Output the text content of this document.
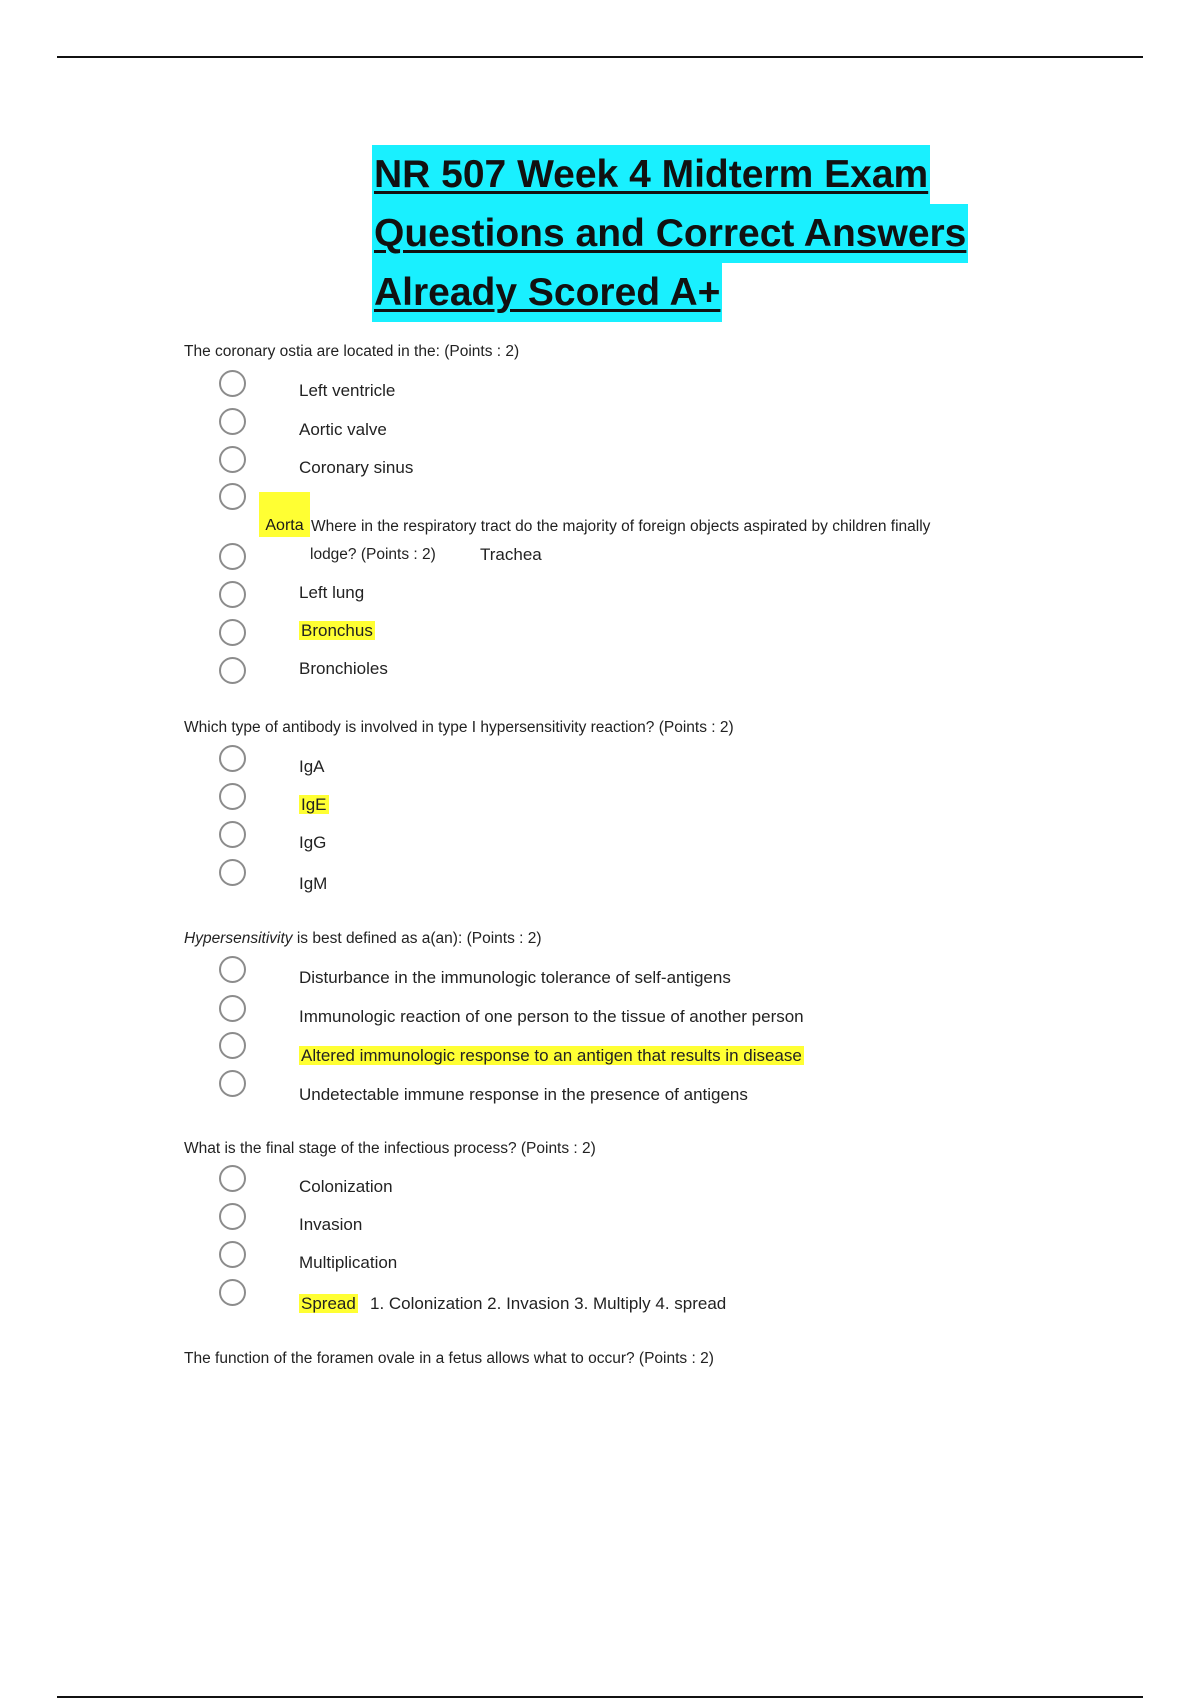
NR 507 Week 4 Midterm Exam
Questions and Correct Answers
Already Scored A+
The coronary ostia are located in the: (Points : 2)
Left ventricle
Aortic valve
Coronary sinus
Aorta Where in the respiratory tract do the majority of foreign objects aspirated by children finally
lodge? (Points : 2)	Trachea
Left lung
Bronchus
Bronchioles
Which type of antibody is involved in type I hypersensitivity reaction? (Points : 2)
IgA
IgE
IgG
IgM
Hypersensitivity is best defined as a(an): (Points : 2)
Disturbance in the immunologic tolerance of self-antigens
Immunologic reaction of one person to the tissue of another person
Altered immunologic response to an antigen that results in disease
Undetectable immune response in the presence of antigens
What is the final stage of the infectious process? (Points : 2)
Colonization
Invasion
Multiplication
Spread 1. Colonization 2. Invasion 3. Multiply 4. spread
The function of the foramen ovale in a fetus allows what to occur? (Points : 2)
